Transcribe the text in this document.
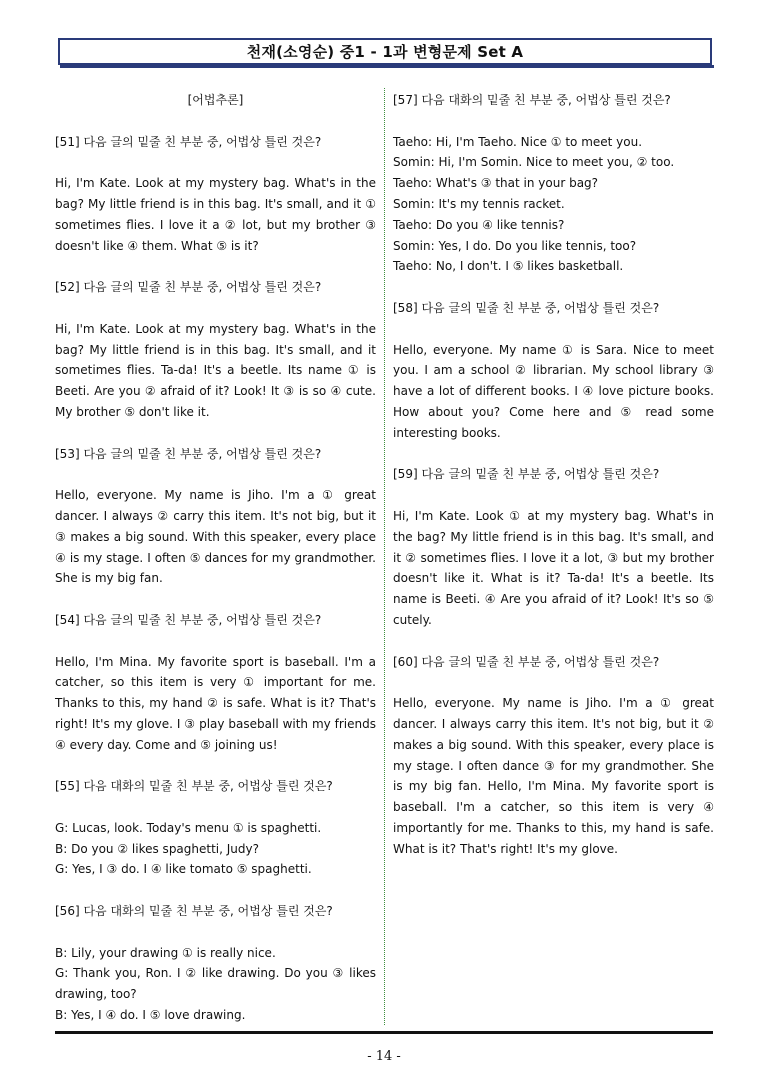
천재(소영순) 중1 - 1과 변형문제 Set A

[어법추론]

[51] 다음 글의 밑줄 친 부분 중, 어법상 틀린 것은?

Hi, I'm Kate. Look at my mystery bag. What's in the bag? My little friend is in this bag. It's small, and it ① sometimes flies. I love it a ② lot, but my brother ③ doesn't like ④ them. What ⑤ is it?

[52] 다음 글의 밑줄 친 부분 중, 어법상 틀린 것은?

Hi, I'm Kate. Look at my mystery bag. What's in the bag? My little friend is in this bag. It's small, and it sometimes flies. Ta-da! It's a beetle. Its name ① is Beeti. Are you ② afraid of it? Look! It ③ is so ④ cute. My brother ⑤ don't like it.

[53] 다음 글의 밑줄 친 부분 중, 어법상 틀린 것은?

Hello, everyone. My name is Jiho. I'm a ① great dancer. I always ② carry this item. It's not big, but it ③ makes a big sound. With this speaker, every place ④ is my stage. I often ⑤ dances for my grandmother. She is my big fan.

[54] 다음 글의 밑줄 친 부분 중, 어법상 틀린 것은?

Hello, I'm Mina. My favorite sport is baseball. I'm a catcher, so this item is very ① important for me. Thanks to this, my hand ② is safe. What is it? That's right! It's my glove. I ③ play baseball with my friends ④ every day. Come and ⑤ joining us!

[55] 다음 대화의 밑줄 친 부분 중, 어법상 틀린 것은?

G: Lucas, look. Today's menu ① is spaghetti.

B: Do you ② likes spaghetti, Judy?

G: Yes, I ③ do. I ④ like tomato ⑤ spaghetti.

[56] 다음 대화의 밑줄 친 부분 중, 어법상 틀린 것은?

B: Lily, your drawing ① is really nice.

G: Thank you, Ron. I ② like drawing. Do you ③ likes drawing, too?

B: Yes, I ④ do. I ⑤ love drawing.

[57] 다음 대화의 밑줄 친 부분 중, 어법상 틀린 것은?

Taeho: Hi, I'm Taeho. Nice ① to meet you.

Somin: Hi, I'm Somin. Nice to meet you, ② too.

Taeho: What's ③ that in your bag?

Somin: It's my tennis racket.

Taeho: Do you ④ like tennis?

Somin: Yes, I do. Do you like tennis, too?

Taeho: No, I don't. I ⑤ likes basketball.

[58] 다음 글의 밑줄 친 부분 중, 어법상 틀린 것은?

Hello, everyone. My name ① is Sara. Nice to meet you. I am a school ② librarian. My school library ③ have a lot of different books. I ④ love picture books. How about you? Come here and ⑤ read some interesting books.

[59] 다음 글의 밑줄 친 부분 중, 어법상 틀린 것은?

Hi, I'm Kate. Look ① at my mystery bag. What's in the bag? My little friend is in this bag. It's small, and it ② sometimes flies. I love it a lot, ③ but my brother doesn't like it. What is it? Ta-da! It's a beetle. Its name is Beeti. ④ Are you afraid of it? Look! It's so ⑤ cutely.

[60] 다음 글의 밑줄 친 부분 중, 어법상 틀린 것은?

Hello, everyone. My name is Jiho. I'm a ① great dancer. I always carry this item. It's not big, but it ② makes a big sound. With this speaker, every place is my stage. I often dance ③ for my grandmother. She is my big fan. Hello, I'm Mina. My favorite sport is baseball. I'm a catcher, so this item is very ④ importantly for me. Thanks to this, my hand is safe. What is it? That's right! It's my glove.

- 14 -
